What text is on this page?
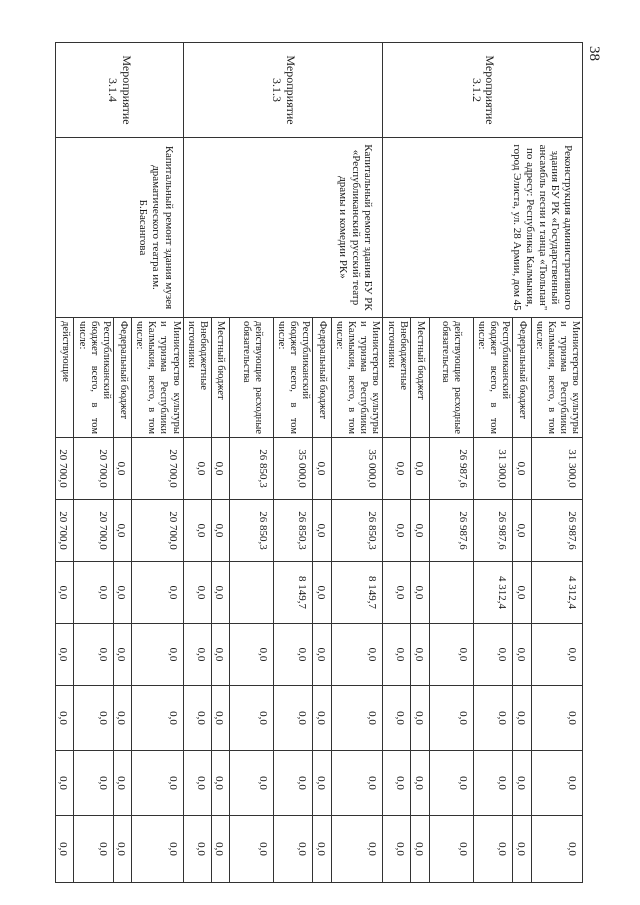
38
Мероприятие 3.1.2	Реконструкция административного здания БУ РК «Государственный ансамбль песни и танца «Тюльпан" по адресу: Республика Калмыкия, город Элиста, ул. 28 Армии, дом 45	Министерство культуры и туризма Республики Калмыкия, всего, в том числе:	31 300,0	26 987,6	4 312,4	0,0	0,0	0,0	0,0
		Федеральный бюджет	0,0	0,0	0,0	0,0	0,0	0,0	0,0
		Республиканский бюджет всего, в том числе:	31 300,0	26 987,6	4 312,4	0,0	0,0	0,0	0,0
		действующие расходные обязательства	26 987,6	26 987,6		0,0	0,0	0,0	0,0
		Местный бюджет	0,0	0,0	0,0	0,0	0,0	0,0	0,0
		Внебюджетные источники	0,0	0,0	0,0	0,0	0,0	0,0	0,0
Мероприятие 3.1.3	Капитальный ремонт здания БУ РК «Республиканский русский театр драмы и комедии РК»	Министерство культуры и туризма Республики Калмыкия, всего, в том числе:	35 000,0	26 850,3	8 149,7	0,0	0,0	0,0	0,0
		Федеральный бюджет	0,0	0,0	0,0	0,0	0,0	0,0	0,0
		Республиканский бюджет всего, в том числе:	35 000,0	26 850,3	8 149,7	0,0	0,0	0,0	0,0
		действующие расходные обязательства	26 850,3	26 850,3		0,0	0,0	0,0	0,0
		Местный бюджет	0,0	0,0	0,0	0,0	0,0	0,0	0,0
		Внебюджетные источники	0,0	0,0	0,0	0,0	0,0	0,0	0,0
Мероприятие 3.1.4	Капитальный ремонт здания музея драматического театра им. Б.Басангова	Министерство культуры и туризма Республики Калмыкия, всего, в том числе:	20 700,0	20 700,0	0,0	0,0	0,0	0,0	0,0
		Федеральный бюджет	0,0	0,0	0,0	0,0	0,0	0,0	0,0
		Республиканский бюджет всего, в том числе:	20 700,0	20 700,0	0,0	0,0	0,0	0,0	0,0
		действующие	20 700,0	20 700,0	0,0	0,0	0,0	0,0	0,0
